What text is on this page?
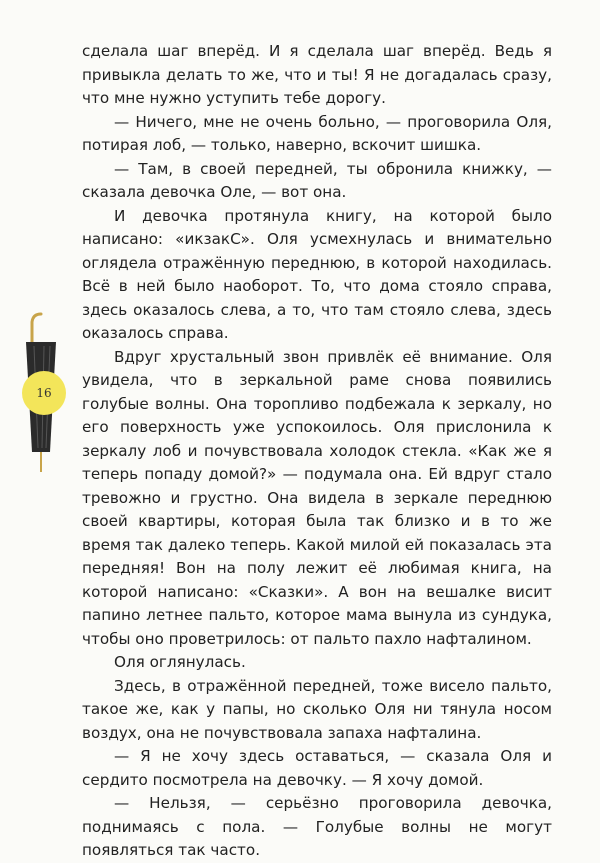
сделала шаг вперёд. И я сделала шаг вперёд. Ведь я привыкла делать то же, что и ты! Я не догадалась сразу, что мне нужно уступить тебе дорогу.

— Ничего, мне не очень больно, — проговорила Оля, потирая лоб, — только, наверно, вскочит шишка.

— Там, в своей передней, ты обронила книжку, — сказала девочка Оле, — вот она.

И девочка протянула книгу, на которой было написано: «икзакС». Оля усмехнулась и внимательно оглядела отражённую переднюю, в которой находилась. Всё в ней было наоборот. То, что дома стояло справа, здесь оказалось слева, а то, что там стояло слева, здесь оказалось справа.

Вдруг хрустальный звон привлёк её внимание. Оля увидела, что в зеркальной раме снова появились голубые волны. Она торопливо подбежала к зеркалу, но его поверхность уже успокоилось. Оля прислонила к зеркалу лоб и почувствовала холодок стекла. «Как же я теперь попаду домой?» — подумала она. Ей вдруг стало тревожно и грустно. Она видела в зеркале переднюю своей квартиры, которая была так близко и в то же время так далеко теперь. Какой милой ей показалась эта передняя! Вон на полу лежит её любимая книга, на которой написано: «Сказки». А вон на вешалке висит папино летнее пальто, которое мама вынула из сундука, чтобы оно проветрилось: от пальто пахло нафталином.

Оля оглянулась.

Здесь, в отражённой передней, тоже висело пальто, такое же, как у папы, но сколько Оля ни тянула носом воздух, она не почувствовала запаха нафталина.

— Я не хочу здесь оставаться, — сказала Оля и сердито посмотрела на девочку. — Я хочу домой.

— Нельзя, — серьёзно проговорила девочка, поднимаясь с пола. — Голубые волны не могут появляться так часто.

16
